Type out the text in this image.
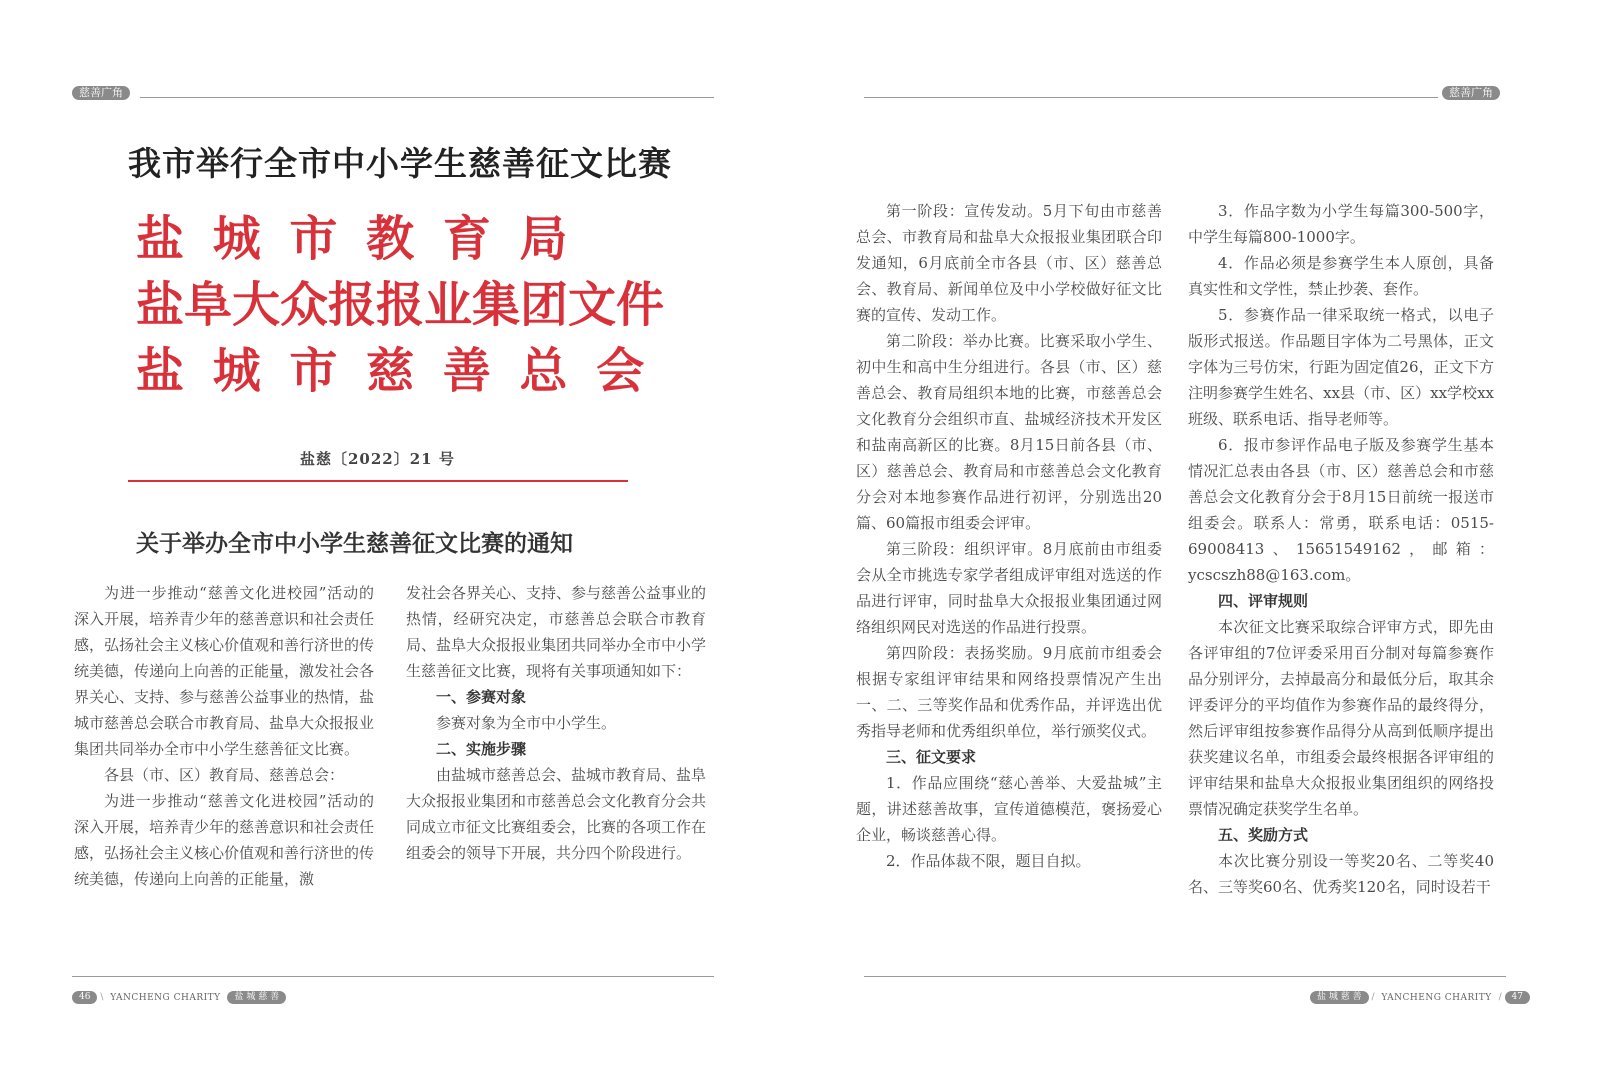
慈善广角	慈善广角
我市举行全市中小学生慈善征文比赛
盐 城 市 教 育 局
盐阜大众报报业集团文件
盐 城 市 慈 善 总 会
盐慈〔2022〕21 号
关于举办全市中小学生慈善征文比赛的通知

为进一步推动“慈善文化进校园”活动的深入开展，培养青少年的慈善意识和社会责任感，弘扬社会主义核心价值观和善行济世的传统美德，传递向上向善的正能量，激发社会各界关心、支持、参与慈善公益事业的热情，盐城市慈善总会联合市教育局、盐阜大众报报业集团共同举办全市中小学生慈善征文比赛。

各县（市、区）教育局、慈善总会：

为进一步推动“慈善文化进校园”活动的深入开展，培养青少年的慈善意识和社会责任感，弘扬社会主义核心价值观和善行济世的传统美德，传递向上向善的正能量，激

发社会各界关心、支持、参与慈善公益事业的热情，经研究决定，市慈善总会联合市教育局、盐阜大众报报业集团共同举办全市中小学生慈善征文比赛，现将有关事项通知如下：

一、参赛对象

参赛对象为全市中小学生。

二、实施步骤

由盐城市慈善总会、盐城市教育局、盐阜大众报报业集团和市慈善总会文化教育分会共同成立市征文比赛组委会，比赛的各项工作在组委会的领导下开展，共分四个阶段进行。

第一阶段：宣传发动。5月下旬由市慈善总会、市教育局和盐阜大众报报业集团联合印发通知，6月底前全市各县（市、区）慈善总会、教育局、新闻单位及中小学校做好征文比赛的宣传、发动工作。

第二阶段：举办比赛。比赛采取小学生、初中生和高中生分组进行。各县（市、区）慈善总会、教育局组织本地的比赛，市慈善总会文化教育分会组织市直、盐城经济技术开发区和盐南高新区的比赛。8月15日前各县（市、区）慈善总会、教育局和市慈善总会文化教育分会对本地参赛作品进行初评，分别选出20篇、60篇报市组委会评审。

第三阶段：组织评审。8月底前由市组委会从全市挑选专家学者组成评审组对选送的作品进行评审，同时盐阜大众报报业集团通过网络组织网民对选送的作品进行投票。

第四阶段：表扬奖励。9月底前市组委会根据专家组评审结果和网络投票情况产生出一、二、三等奖作品和优秀作品，并评选出优秀指导老师和优秀组织单位，举行颁奖仪式。

三、征文要求

1．作品应围绕“慈心善举、大爱盐城”主题，讲述慈善故事，宣传道德模范，褒扬爱心企业，畅谈慈善心得。

2．作品体裁不限，题目自拟。

3．作品字数为小学生每篇300-500字，中学生每篇800-1000字。

4．作品必须是参赛学生本人原创，具备真实性和文学性，禁止抄袭、套作。

5．参赛作品一律采取统一格式，以电子版形式报送。作品题目字体为二号黑体，正文字体为三号仿宋，行距为固定值26，正文下方注明参赛学生姓名、xx县（市、区）xx学校xx班级、联系电话、指导老师等。

6．报市参评作品电子版及参赛学生基本情况汇总表由各县（市、区）慈善总会和市慈善总会文化教育分会于8月15日前统一报送市组委会。联系人：常勇，联系电话：0515-69008413、15651549162，邮箱：ycscszh88@163.com。

四、评审规则

本次征文比赛采取综合评审方式，即先由各评审组的7位评委采用百分制对每篇参赛作品分别评分，去掉最高分和最低分后，取其余评委评分的平均值作为参赛作品的最终得分，然后评审组按参赛作品得分从高到低顺序提出获奖建议名单，市组委会最终根据各评审组的评审结果和盐阜大众报报业集团组织的网络投票情况确定获奖学生名单。

五、奖励方式

本次比赛分别设一等奖20名、二等奖40名、三等奖60名、优秀奖120名，同时设若干

46 \ YANCHENG CHARITY 盐 城 慈 善	盐 城 慈 善 / YANCHENG CHARITY / 47
